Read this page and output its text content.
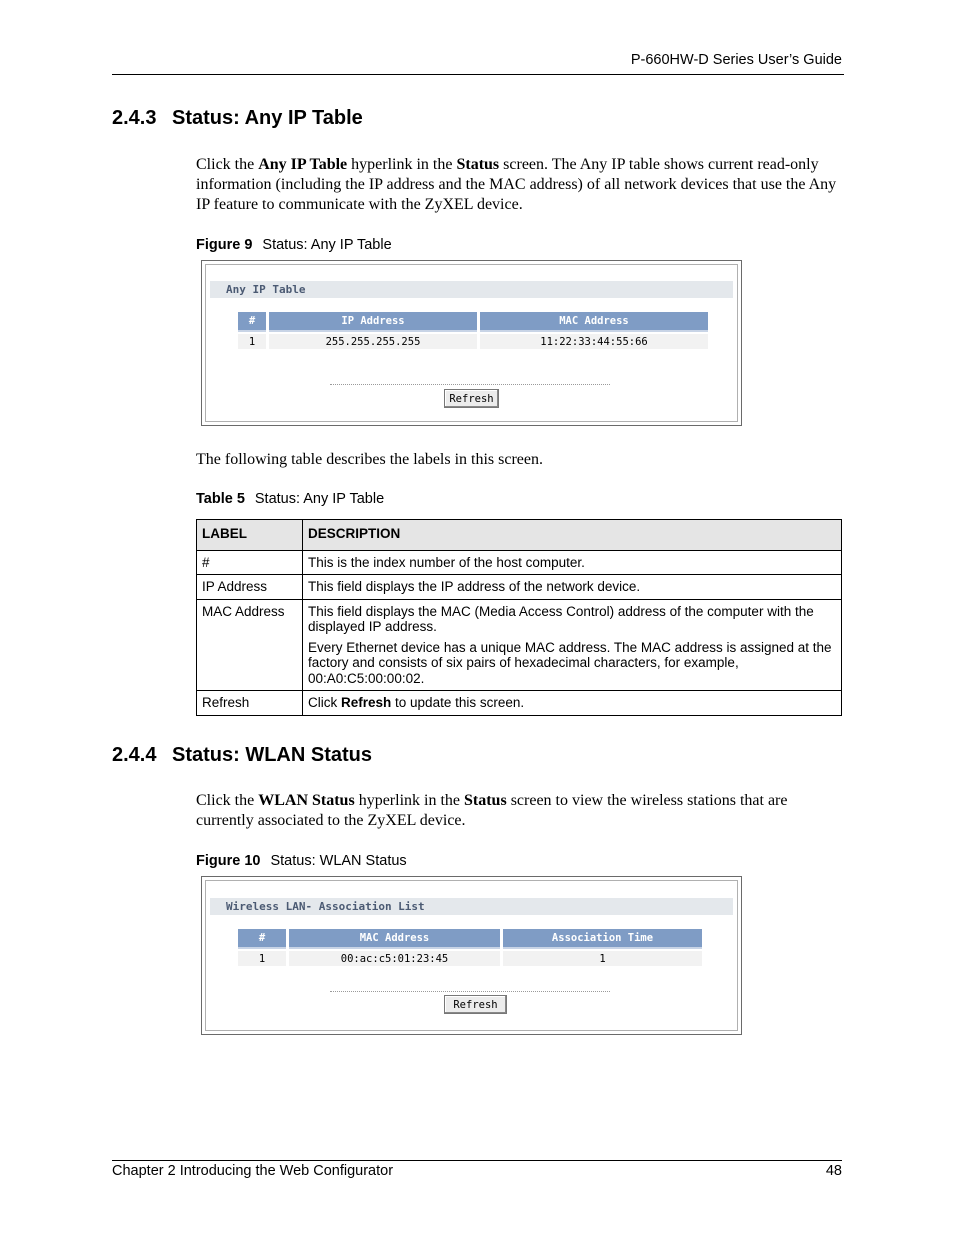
P-660HW-D Series User’s Guide
2.4.3 Status: Any IP Table
Click the Any IP Table hyperlink in the Status screen. The Any IP table shows current read-only information (including the IP address and the MAC address) of all network devices that use the Any IP feature to communicate with the ZyXEL device.
Figure 9 Status: Any IP Table
Any IP Table
#	IP Address	MAC Address
1	255.255.255.255	11:22:33:44:55:66
Refresh
The following table describes the labels in this screen.
Table 5 Status: Any IP Table
LABEL	DESCRIPTION
#	This is the index number of the host computer.

IP Address	This field displays the IP address of the network device.

MAC Address	This field displays the MAC (Media Access Control) address of the computer with the displayed IP address.

Every Ethernet device has a unique MAC address. The MAC address is assigned at the factory and consists of six pairs of hexadecimal characters, for example, 00:A0:C5:00:00:02.

Refresh	Click Refresh to update this screen.

2.4.4 Status: WLAN Status
Click the WLAN Status hyperlink in the Status screen to view the wireless stations that are currently associated to the ZyXEL device.
Figure 10 Status: WLAN Status
Wireless LAN- Association List
#	MAC Address	Association Time
1	00:ac:c5:01:23:45	1
Refresh
Chapter 2 Introducing the Web Configurator	48
